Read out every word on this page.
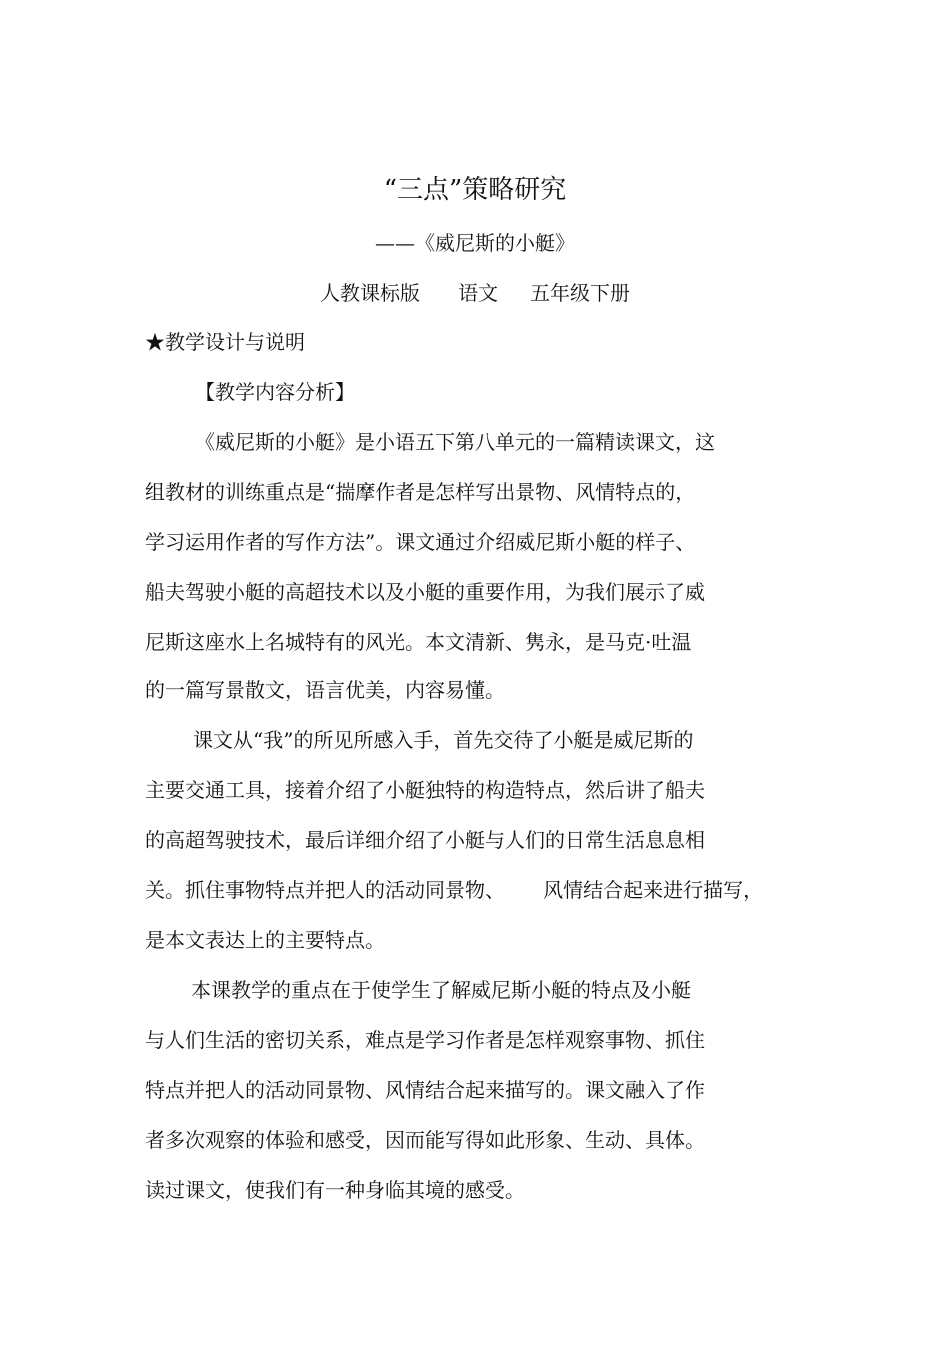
“三点”策略研究

——《威尼斯的小艇》

人教课标版      语文     五年级下册

★教学设计与说明

【教学内容分析】

《威尼斯的小艇》是小语五下第八单元的一篇精读课文，这

组教材的训练重点是“揣摩作者是怎样写出景物、风情特点的，

学习运用作者的写作方法”。课文通过介绍威尼斯小艇的样子、

船夫驾驶小艇的高超技术以及小艇的重要作用，为我们展示了威

尼斯这座水上名城特有的风光。本文清新、隽永，是马克·吐温

的一篇写景散文，语言优美，内容易懂。

课文从“我”的所见所感入手，首先交待了小艇是威尼斯的

主要交通工具，接着介绍了小艇独特的构造特点，然后讲了船夫

的高超驾驶技术，最后详细介绍了小艇与人们的日常生活息息相

关。抓住事物特点并把人的活动同景物、      风情结合起来进行描写，

是本文表达上的主要特点。

本课教学的重点在于使学生了解威尼斯小艇的特点及小艇

与人们生活的密切关系，难点是学习作者是怎样观察事物、抓住

特点并把人的活动同景物、风情结合起来描写的。课文融入了作

者多次观察的体验和感受，因而能写得如此形象、生动、具体。

读过课文，使我们有一种身临其境的感受。
